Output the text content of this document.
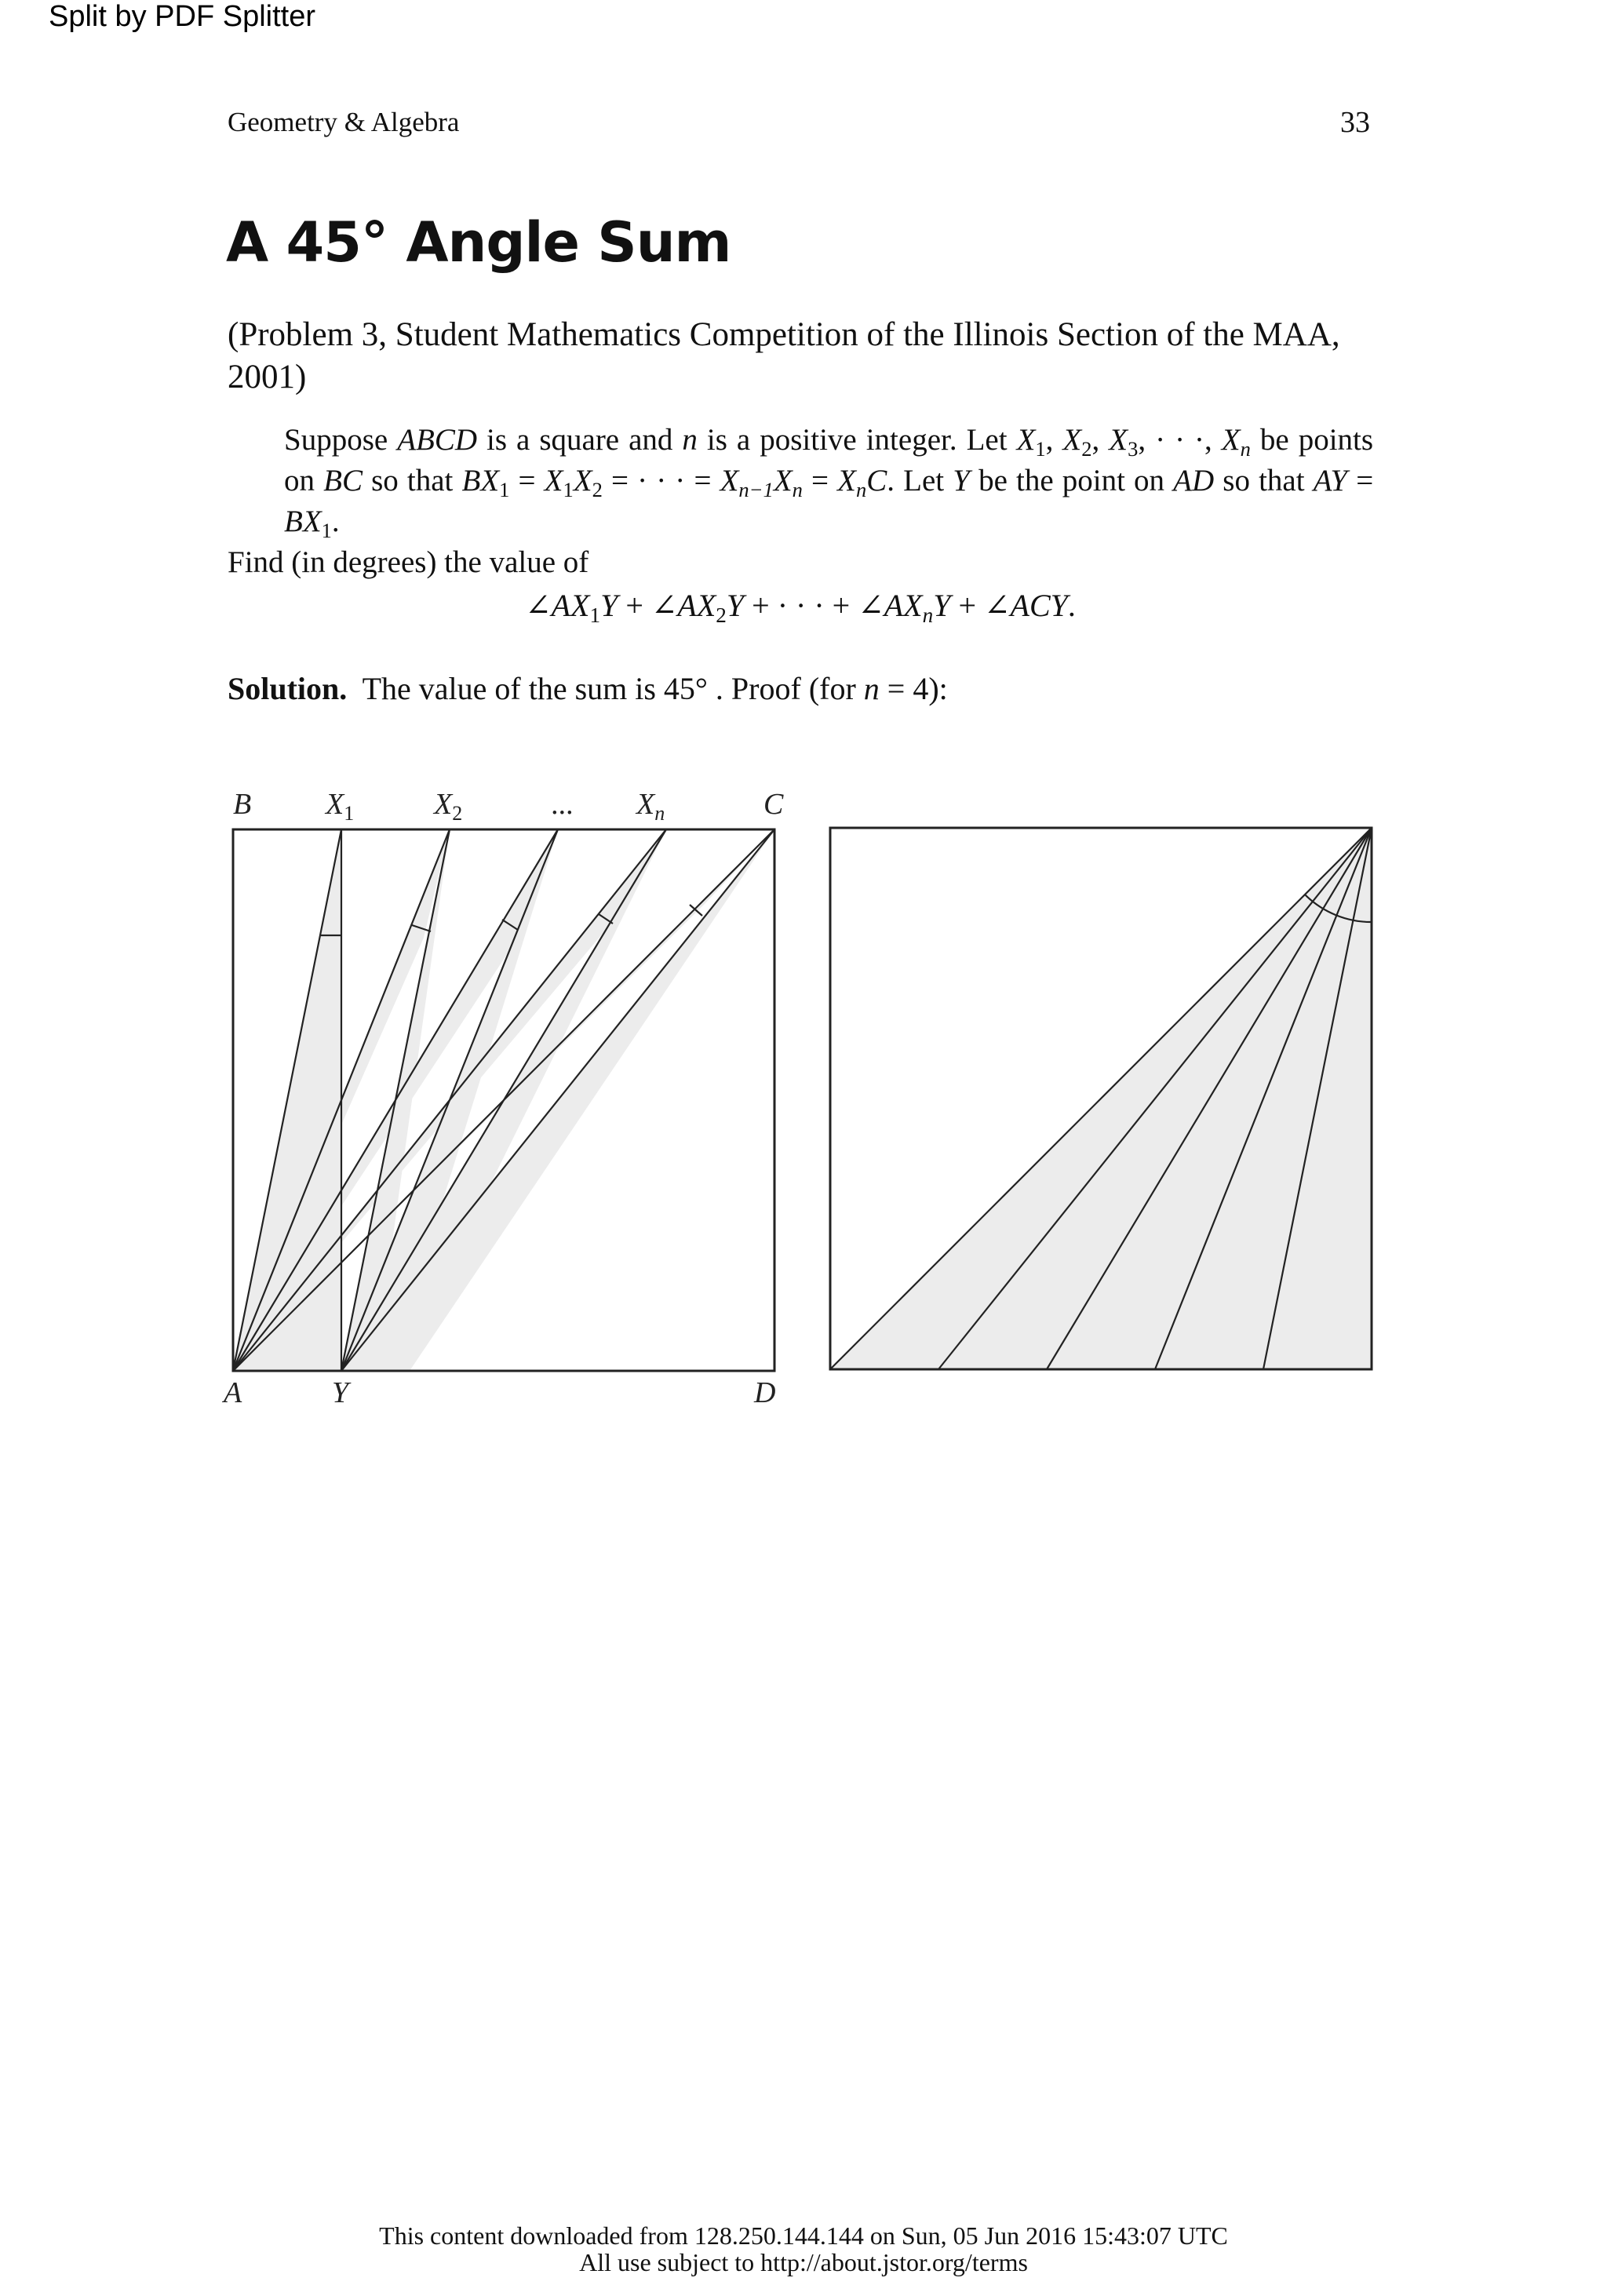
Split by PDF Splitter
Geometry & Algebra	33
A 45° Angle Sum
(Problem 3, Student Mathematics Competition of the Illinois Section of the MAA, 2001)
Suppose ABCD is a square and n is a positive integer. Let $X_1$, $X_2$, $X_3$, · · ·, $X_n$ be points on BC so that $BX_1 = X_1X_2$ = · · · = $X_{n-1}X_n = X_nC$. Let Y be the point on AD so that AY = $BX_1$.
Find (in degrees) the value of
$\angle AX_1Y$ + $\angle AX_2Y$ + · · · + $\angle AX_nY$ + ∠ACY.
Solution. The value of the sum is 45° . Proof (for n = 4):
B $X_1$	$X_2$	... $X_n$	C
A	Y	D
This content downloaded from 128.250.144.144 on Sun, 05 Jun 2016 15:43:07 UTC
All use subject to http://about.jstor.org/terms
